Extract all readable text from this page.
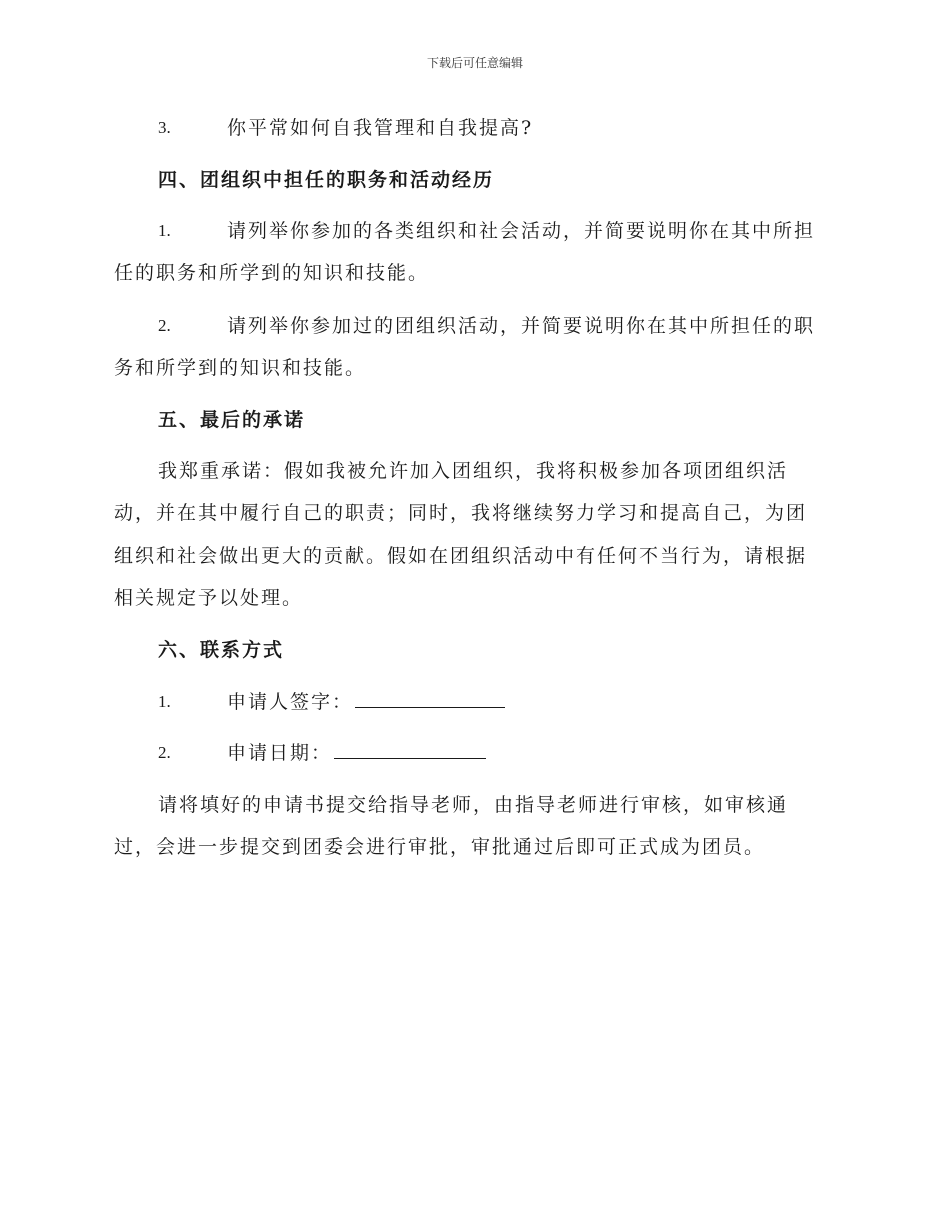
下载后可任意编辑
3.	你平常如何自我管理和自我提高?
四、团组织中担任的职务和活动经历
1.	请列举你参加的各类组织和社会活动，并简要说明你在其中所担
任的职务和所学到的知识和技能。
2.	请列举你参加过的团组织活动，并简要说明你在其中所担任的职
务和所学到的知识和技能。
五、最后的承诺
我郑重承诺：假如我被允许加入团组织，我将积极参加各项团组织活
动，并在其中履行自己的职责；同时，我将继续努力学习和提高自己，为团
组织和社会做出更大的贡献。假如在团组织活动中有任何不当行为，请根据
相关规定予以处理。
六、联系方式
1.	申请人签字：
2.	申请日期：
请将填好的申请书提交给指导老师，由指导老师进行审核，如审核通
过，会进一步提交到团委会进行审批，审批通过后即可正式成为团员。
